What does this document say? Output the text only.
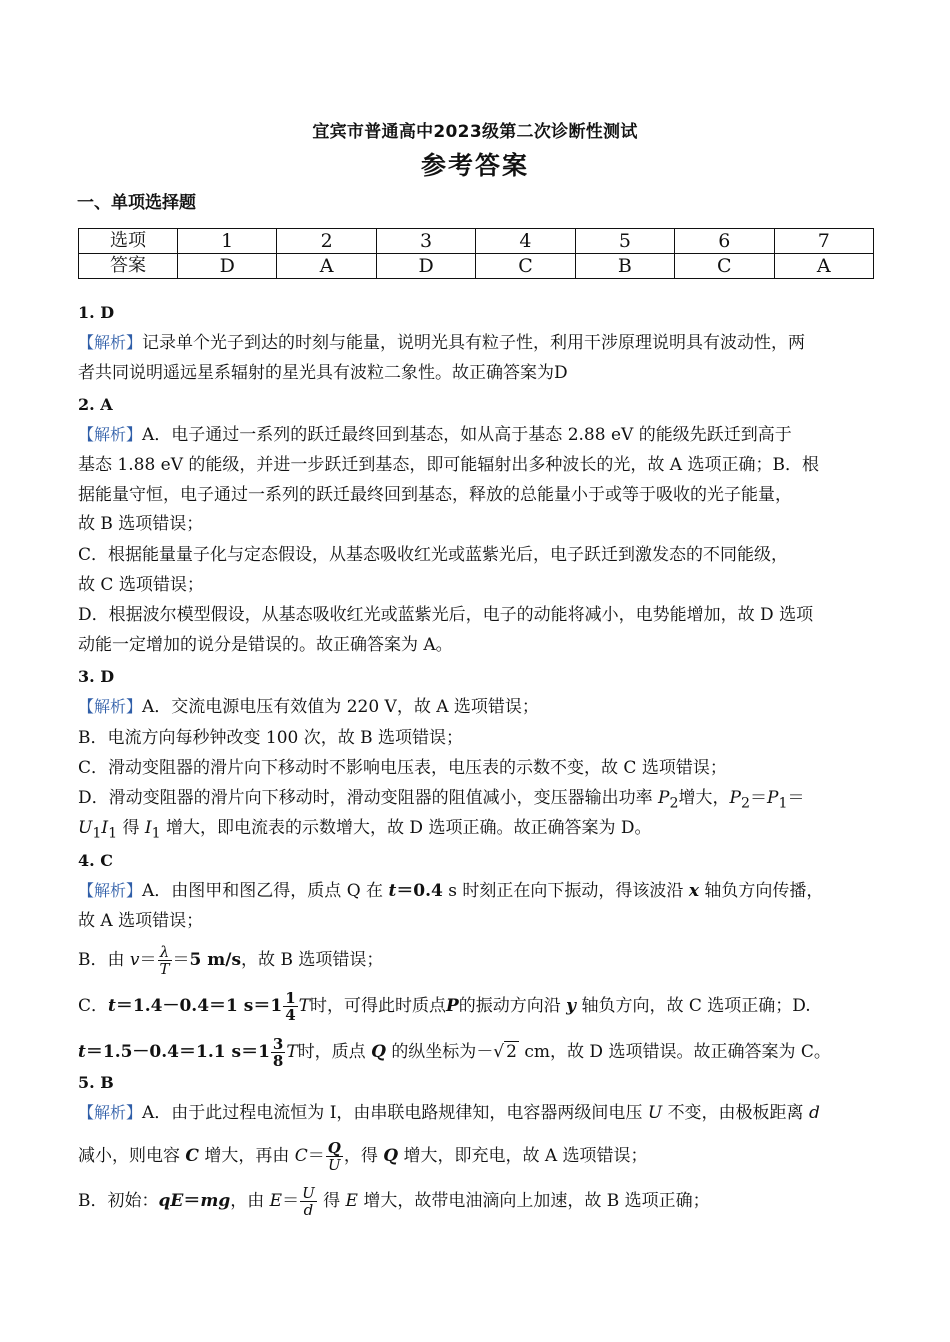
宜宾市普通高中2023级第二次诊断性测试
参考答案
一、单项选择题
选项	1	2	3	4	5	6	7
答案	D	A	D	C	B	C	A
1. D
【解析】记录单个光子到达的时刻与能量，说明光具有粒子性，利用干涉原理说明具有波动性，两
者共同说明遥远星系辐射的星光具有波粒二象性。故正确答案为D
2. A
【解析】A．电子通过一系列的跃迁最终回到基态，如从高于基态 2.88 eV 的能级先跃迁到高于
基态 1.88 eV 的能级，并进一步跃迁到基态，即可能辐射出多种波长的光，故 A 选项正确；B．根
据能量守恒，电子通过一系列的跃迁最终回到基态，释放的总能量小于或等于吸收的光子能量，
故 B 选项错误；
C．根据能量量子化与定态假设，从基态吸收红光或蓝紫光后，电子跃迁到激发态的不同能级，
故 C 选项错误；
D．根据波尔模型假设，从基态吸收红光或蓝紫光后，电子的动能将减小，电势能增加，故 D 选项
动能一定增加的说分是错误的。故正确答案为 A。
3. D
【解析】A．交流电源电压有效值为 220 V，故 A 选项错误；
B．电流方向每秒钟改变 100 次，故 B 选项错误；
C．滑动变阻器的滑片向下移动时不影响电压表，电压表的示数不变，故 C 选项错误；
D．滑动变阻器的滑片向下移动时，滑动变阻器的阻值减小，变压器输出功率 $P_2$增大，$P_2=P_1=$
$U_1I_1$ 得 $I_1$ 增大，即电流表的示数增大，故 D 选项正确。故正确答案为 D。
4. C
【解析】A．由图甲和图乙得，质点 Q 在 t＝0.4 s 时刻正在向下振动，得该波沿 x 轴负方向传播，
故 A 选项错误；
B．由 $v= \frac{\lambda}{T} =5$ m/s，故 B 选项错误；
C．t＝1.4－0.4＝1 $s=1 \frac{1}{4}$ T时，可得此时质点P的振动方向沿 y 轴负方向，故 C 选项正确；D.
t＝1.5－0.4＝1.1 $s=1 \frac{3}{8}$ T时，质点 Q 的纵坐标为－√ 2 cm，故 D 选项错误。故正确答案为 C。
5. B
【解析】A．由于此过程电流恒为 I，由串联电路规律知，电容器两级间电压 U 不变，由极板距离 d
减小，则电容 C 增大，再由 $C= \frac{Q}{U}$ ，得 Q 增大，即充电，故 A 选项错误；
B．初始：qE＝mg，由 $E= \frac{U}{d}$ 得 E 增大，故带电油滴向上加速，故 B 选项正确；
